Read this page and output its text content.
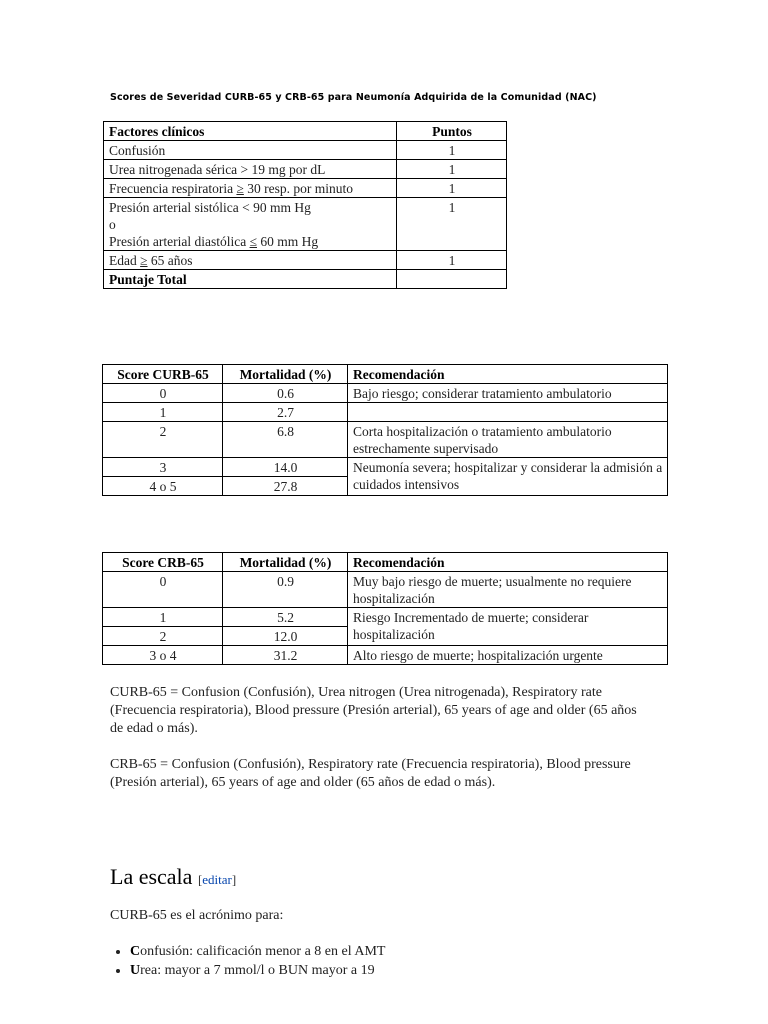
Scores de Severidad CURB-65 y CRB-65 para Neumonía Adquirida de la Comunidad (NAC)
Factores clínicos	Puntos
Confusión	1
Urea nitrogenada sérica > 19 mg por dL	1
Frecuencia respiratoria ≥ 30 resp. por minuto	1

Presión arterial sistólica < 90 mm Hg
o
Presión arterial diastólica ≤ 60 mm Hg	1
Edad ≥ 65 años	1
Puntaje Total	
Score CURB-65	Mortalidad (%)	Recomendación
0	0.6	Bajo riesgo; considerar tratamiento ambulatorio
1	2.7	
2	6.8	Corta hospitalización o tratamiento ambulatorio estrechamente supervisado
3	14.0	Neumonía severa; hospitalizar y considerar la admisión a cuidados intensivos
4 o 5	27.8	
Score CRB-65	Mortalidad (%)	Recomendación
0	0.9	Muy bajo riesgo de muerte; usualmente no requiere hospitalización
1	5.2	Riesgo Incrementado de muerte; considerar hospitalización
2	12.0	
3 o 4	31.2	Alto riesgo de muerte; hospitalización urgente
CURB-65 = Confusion (Confusión), Urea nitrogen (Urea nitrogenada), Respiratory rate (Frecuencia respiratoria), Blood pressure (Presión arterial), 65 years of age and older (65 años de edad o más).
CRB-65 = Confusion (Confusión), Respiratory rate (Frecuencia respiratoria), Blood pressure (Presión arterial), 65 years of age and older (65 años de edad o más).
La escala [editar]
CURB-65 es el acrónimo para:
• Confusión: calificación menor a 8 en el AMT
• Urea: mayor a 7 mmol/l o BUN mayor a 19
